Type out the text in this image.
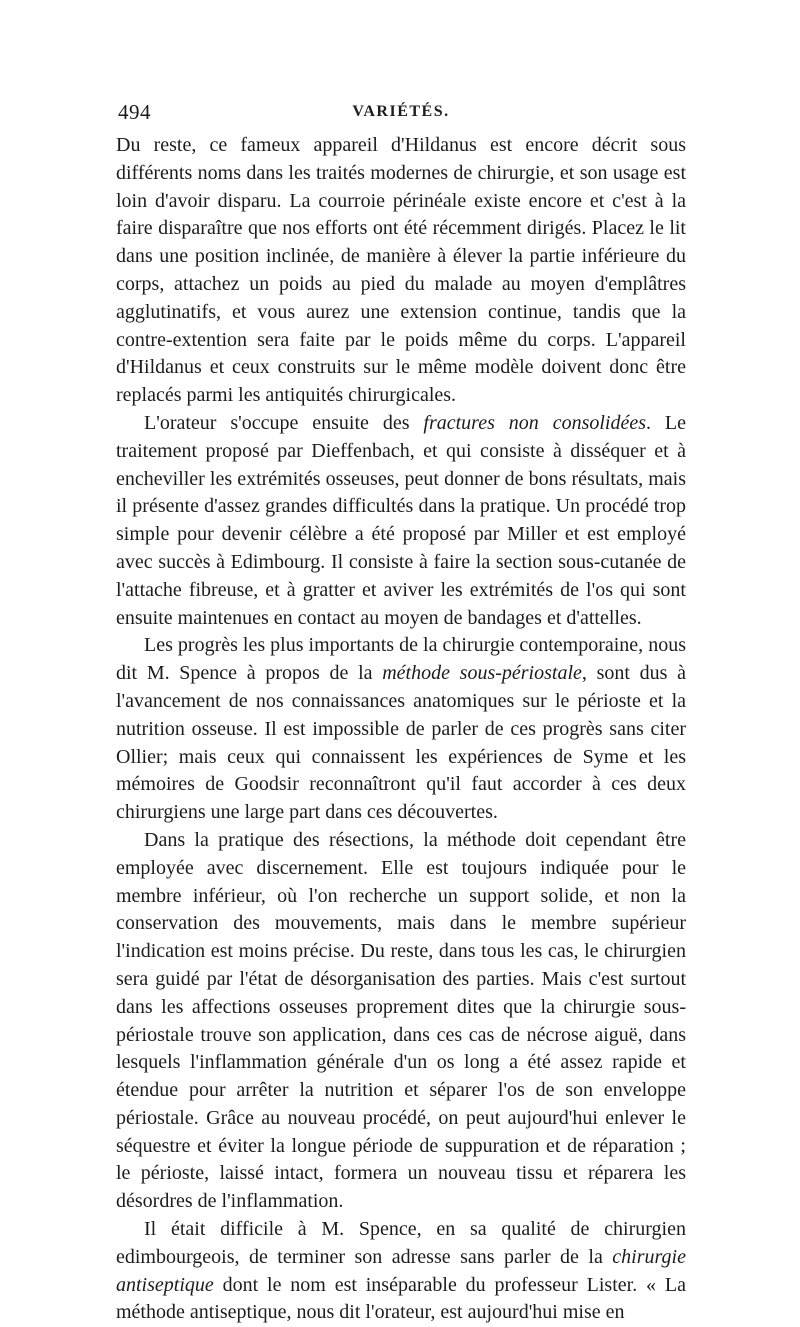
494	VARIÉTÉS.

Du reste, ce fameux appareil d'Hildanus est encore décrit sous différents noms dans les traités modernes de chirurgie, et son usage est loin d'avoir disparu. La courroie périnéale existe encore et c'est à la faire disparaître que nos efforts ont été récemment dirigés. Placez le lit dans une position inclinée, de manière à élever la partie inférieure du corps, attachez un poids au pied du malade au moyen d'emplâtres agglutinatifs, et vous aurez une extension continue, tandis que la contre-extention sera faite par le poids même du corps. L'appareil d'Hildanus et ceux construits sur le même modèle doivent donc être replacés parmi les antiquités chirurgicales.

L'orateur s'occupe ensuite des fractures non consolidées. Le traitement proposé par Dieffenbach, et qui consiste à disséquer et à encheviller les extrémités osseuses, peut donner de bons résultats, mais il présente d'assez grandes difficultés dans la pratique. Un procédé trop simple pour devenir célèbre a été proposé par Miller et est employé avec succès à Edimbourg. Il consiste à faire la section sous-cutanée de l'attache fibreuse, et à gratter et aviver les extrémités de l'os qui sont ensuite maintenues en contact au moyen de bandages et d'attelles.

Les progrès les plus importants de la chirurgie contemporaine, nous dit M. Spence à propos de la méthode sous-périostale, sont dus à l'avancement de nos connaissances anatomiques sur le périoste et la nutrition osseuse. Il est impossible de parler de ces progrès sans citer Ollier; mais ceux qui connaissent les expériences de Syme et les mémoires de Goodsir reconnaîtront qu'il faut accorder à ces deux chirurgiens une large part dans ces découvertes.

Dans la pratique des résections, la méthode doit cependant être employée avec discernement. Elle est toujours indiquée pour le membre inférieur, où l'on recherche un support solide, et non la conservation des mouvements, mais dans le membre supérieur l'indication est moins précise. Du reste, dans tous les cas, le chirurgien sera guidé par l'état de désorganisation des parties. Mais c'est surtout dans les affections osseuses proprement dites que la chirurgie sous-périostale trouve son application, dans ces cas de nécrose aiguë, dans lesquels l'inflammation générale d'un os long a été assez rapide et étendue pour arrêter la nutrition et séparer l'os de son enveloppe périostale. Grâce au nouveau procédé, on peut aujourd'hui enlever le séquestre et éviter la longue période de suppuration et de réparation ; le périoste, laissé intact, formera un nouveau tissu et réparera les désordres de l'inflammation.

Il était difficile à M. Spence, en sa qualité de chirurgien edimbourgeois, de terminer son adresse sans parler de la chirurgie antiseptique dont le nom est inséparable du professeur Lister. « La méthode antiseptique, nous dit l'orateur, est aujourd'hui mise en
